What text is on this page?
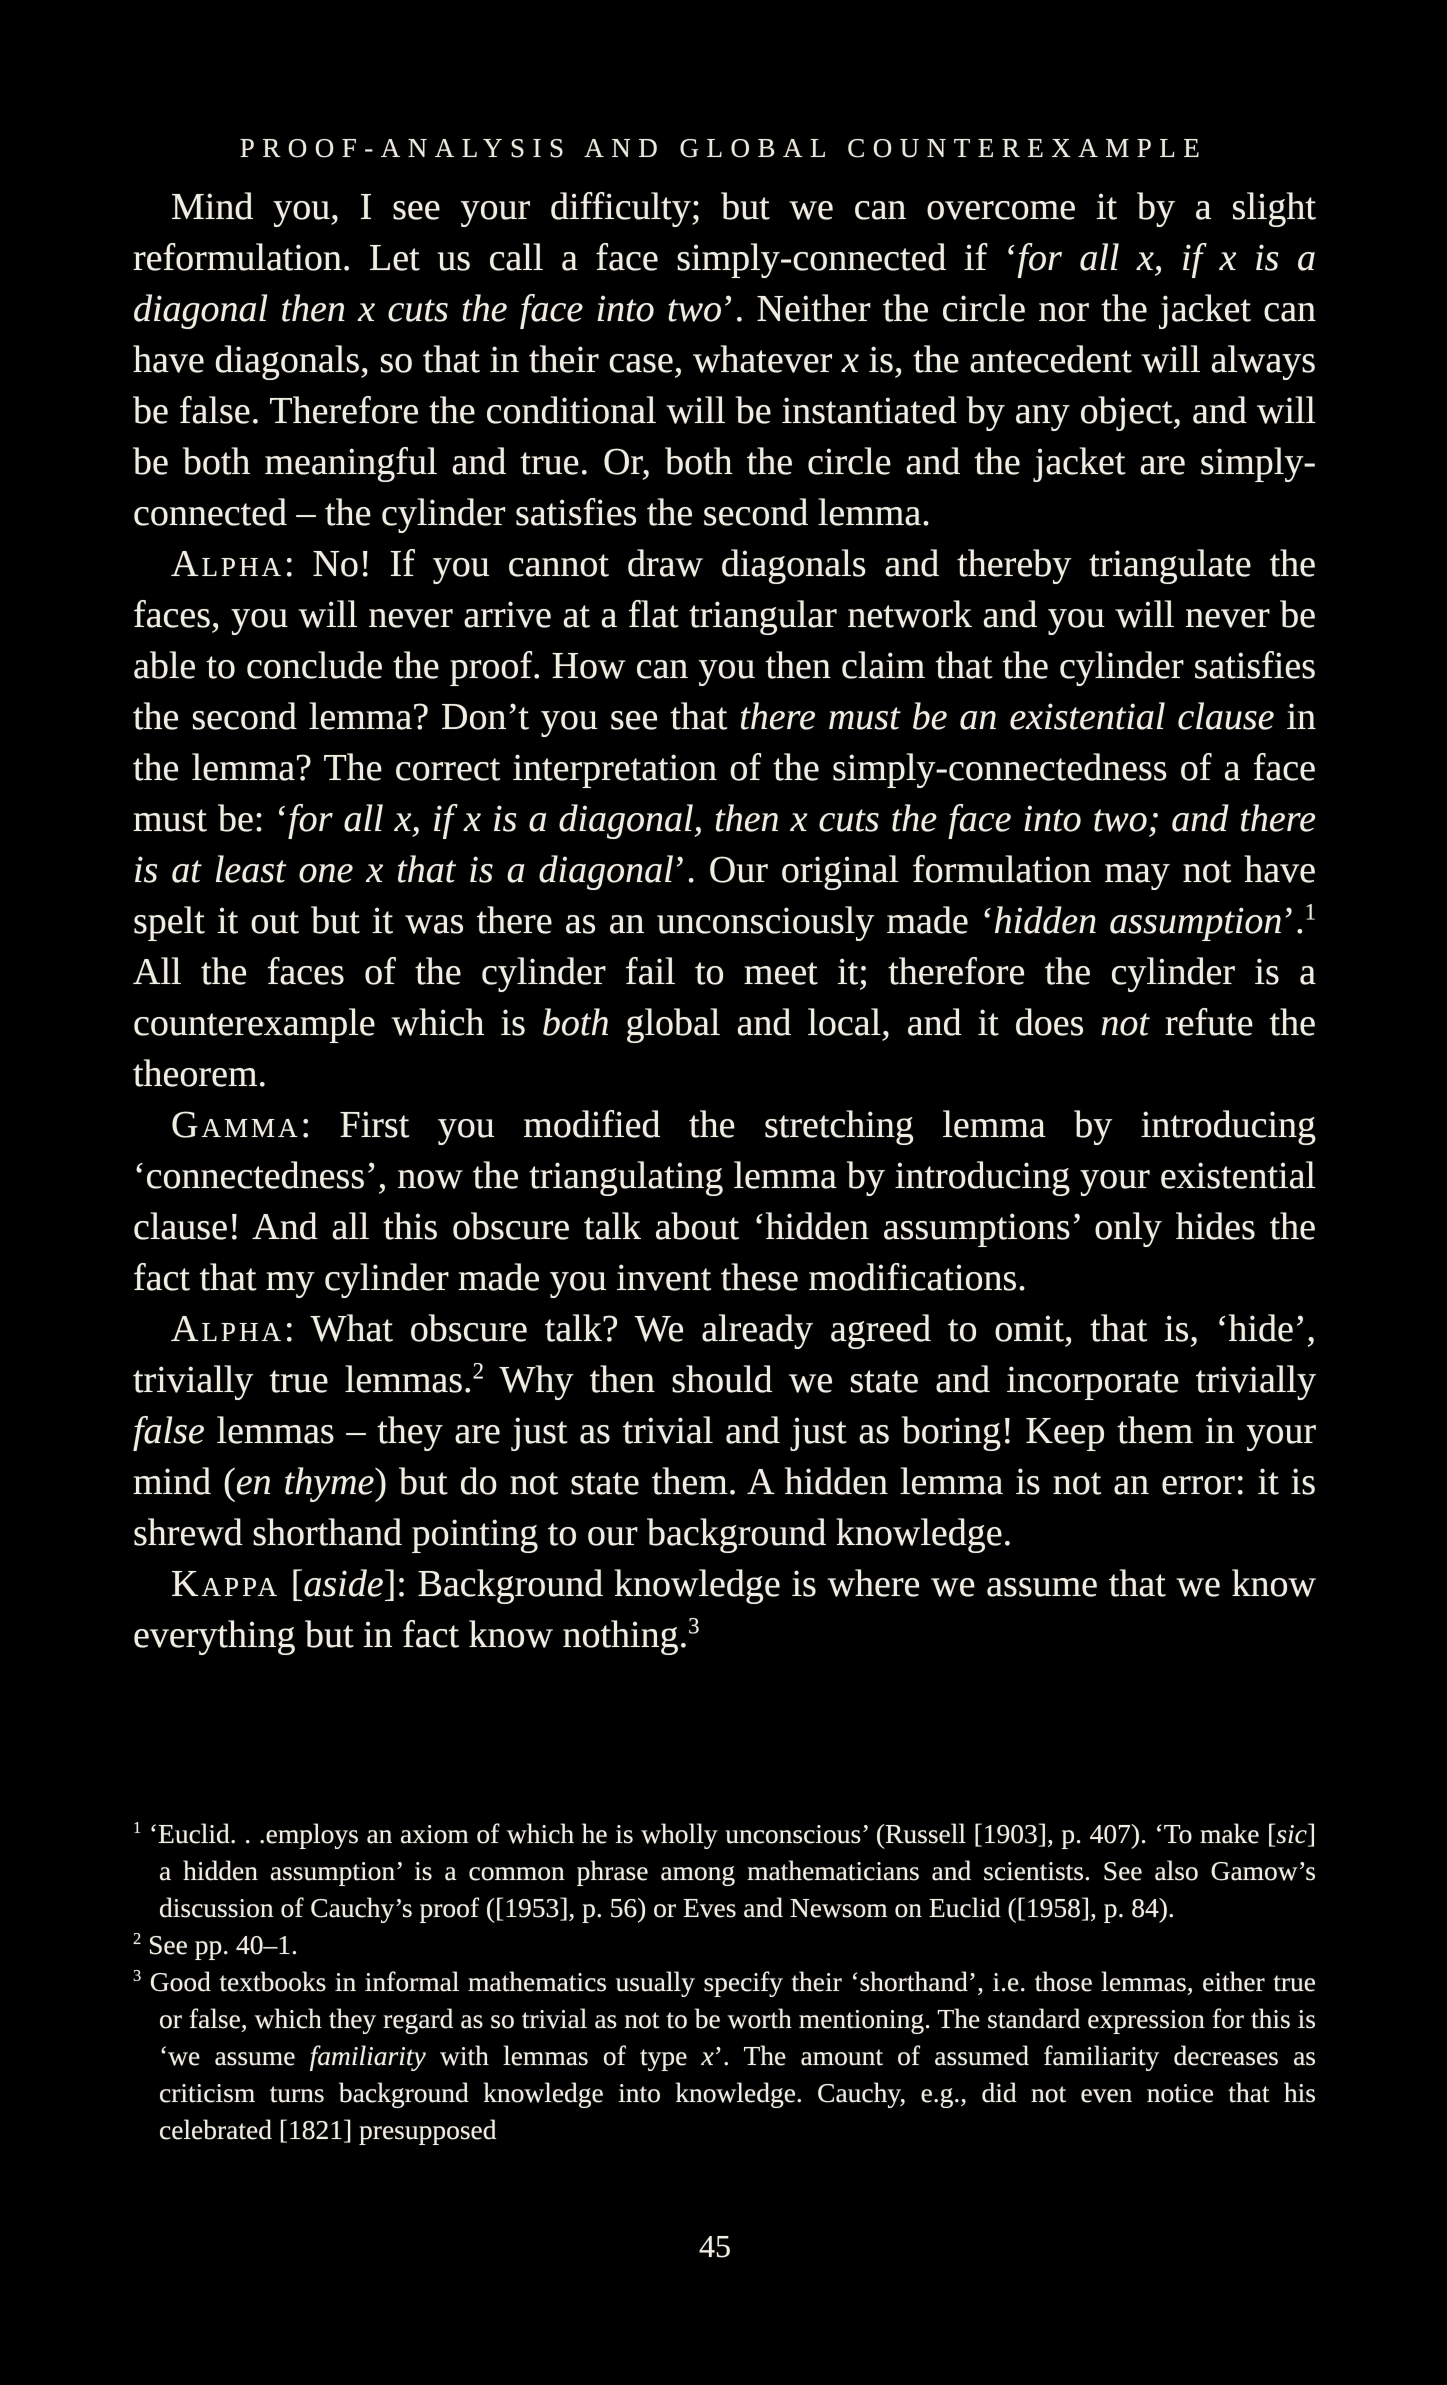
PROOF-ANALYSIS AND GLOBAL COUNTEREXAMPLE

Mind you, I see your difficulty; but we can overcome it by a slight reformulation. Let us call a face simply-connected if ‘for all x, if x is a diagonal then x cuts the face into two’. Neither the circle nor the jacket can have diagonals, so that in their case, whatever x is, the antecedent will always be false. Therefore the conditional will be instantiated by any object, and will be both meaningful and true. Or, both the circle and the jacket are simply-connected – the cylinder satisfies the second lemma.

Alpha: No! If you cannot draw diagonals and thereby triangulate the faces, you will never arrive at a flat triangular network and you will never be able to conclude the proof. How can you then claim that the cylinder satisfies the second lemma? Don’t you see that there must be an existential clause in the lemma? The correct interpretation of the simply-connectedness of a face must be: ‘for all x, if x is a diagonal, then x cuts the face into two; and there is at least one x that is a diagonal’. Our original formulation may not have spelt it out but it was there as an unconsciously made ‘hidden assumption’.$^1$ All the faces of the cylinder fail to meet it; therefore the cylinder is a counterexample which is both global and local, and it does not refute the theorem.

Gamma: First you modified the stretching lemma by introducing ‘connectedness’, now the triangulating lemma by introducing your existential clause! And all this obscure talk about ‘hidden assumptions’ only hides the fact that my cylinder made you invent these modifications.

Alpha: What obscure talk? We already agreed to omit, that is, ‘hide’, trivially true lemmas.$^2$ Why then should we state and incorporate trivially false lemmas – they are just as trivial and just as boring! Keep them in your mind (en thyme) but do not state them. A hidden lemma is not an error: it is shrewd shorthand pointing to our background knowledge.

Kappa [aside]: Background knowledge is where we assume that we know everything but in fact know nothing.$^3$

$^1$ ‘Euclid. . .employs an axiom of which he is wholly unconscious’ (Russell [1903], p. 407). ‘To make [sic] a hidden assumption’ is a common phrase among mathematicians and scientists. See also Gamow’s discussion of Cauchy’s proof ([1953], p. 56) or Eves and Newsom on Euclid ([1958], p. 84).
$^2$ See pp. 40–1.
$^3$ Good textbooks in informal mathematics usually specify their ‘shorthand’, i.e. those lemmas, either true or false, which they regard as so trivial as not to be worth mentioning. The standard expression for this is ‘we assume familiarity with lemmas of type x’. The amount of assumed familiarity decreases as criticism turns background knowledge into knowledge. Cauchy, e.g., did not even notice that his celebrated [1821] presupposed
45
